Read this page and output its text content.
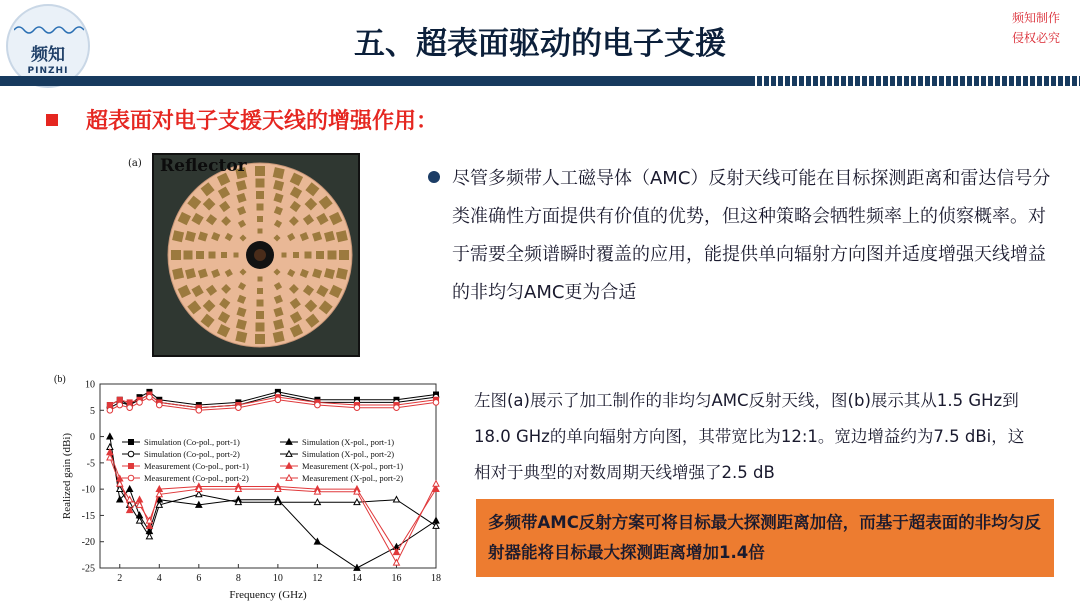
频知
PINZHI
五、超表面驱动的电子支援
频知制作
侵权必究
超表面对电子支援天线的增强作用：
(a) Reflector
尽管多频带人工磁导体（AMC）反射天线可能在目标探测距离和雷达信号分类准确性方面提供有价值的优势，但这种策略会牺牲频率上的侦察概率。对于需要全频谱瞬时覆盖的应用，能提供单向辐射方向图并适度增强天线增益的非均匀AMC更为合适
左图(a)展示了加工制作的非均匀AMC反射天线，图(b)展示其从1.5 GHz到18.0 GHz的单向辐射方向图，其带宽比为12:1。宽边增益约为7.5 dBi，这相对于典型的对数周期天线增强了2.5 dB
多频带AMC反射方案可将目标最大探测距离加倍，而基于超表面的非均匀反射器能将目标最大探测距离增加1.4倍
(b)
2	4	6	8	10	12	14	16	18
10
5
0
-5
-10
-15
-20
-25
Frequency (GHz)
Realized gain (dBi)	Simulation (Co-pol., port-1)
Simulation (Co-pol., port-2)
Measurement (Co-pol., port-1)
Measurement (Co-pol., port-2)
Simulation (X-pol., port-1)
Simulation (X-pol., port-2)
Measurement (X-pol., port-1)
Measurement (X-pol., port-2)
